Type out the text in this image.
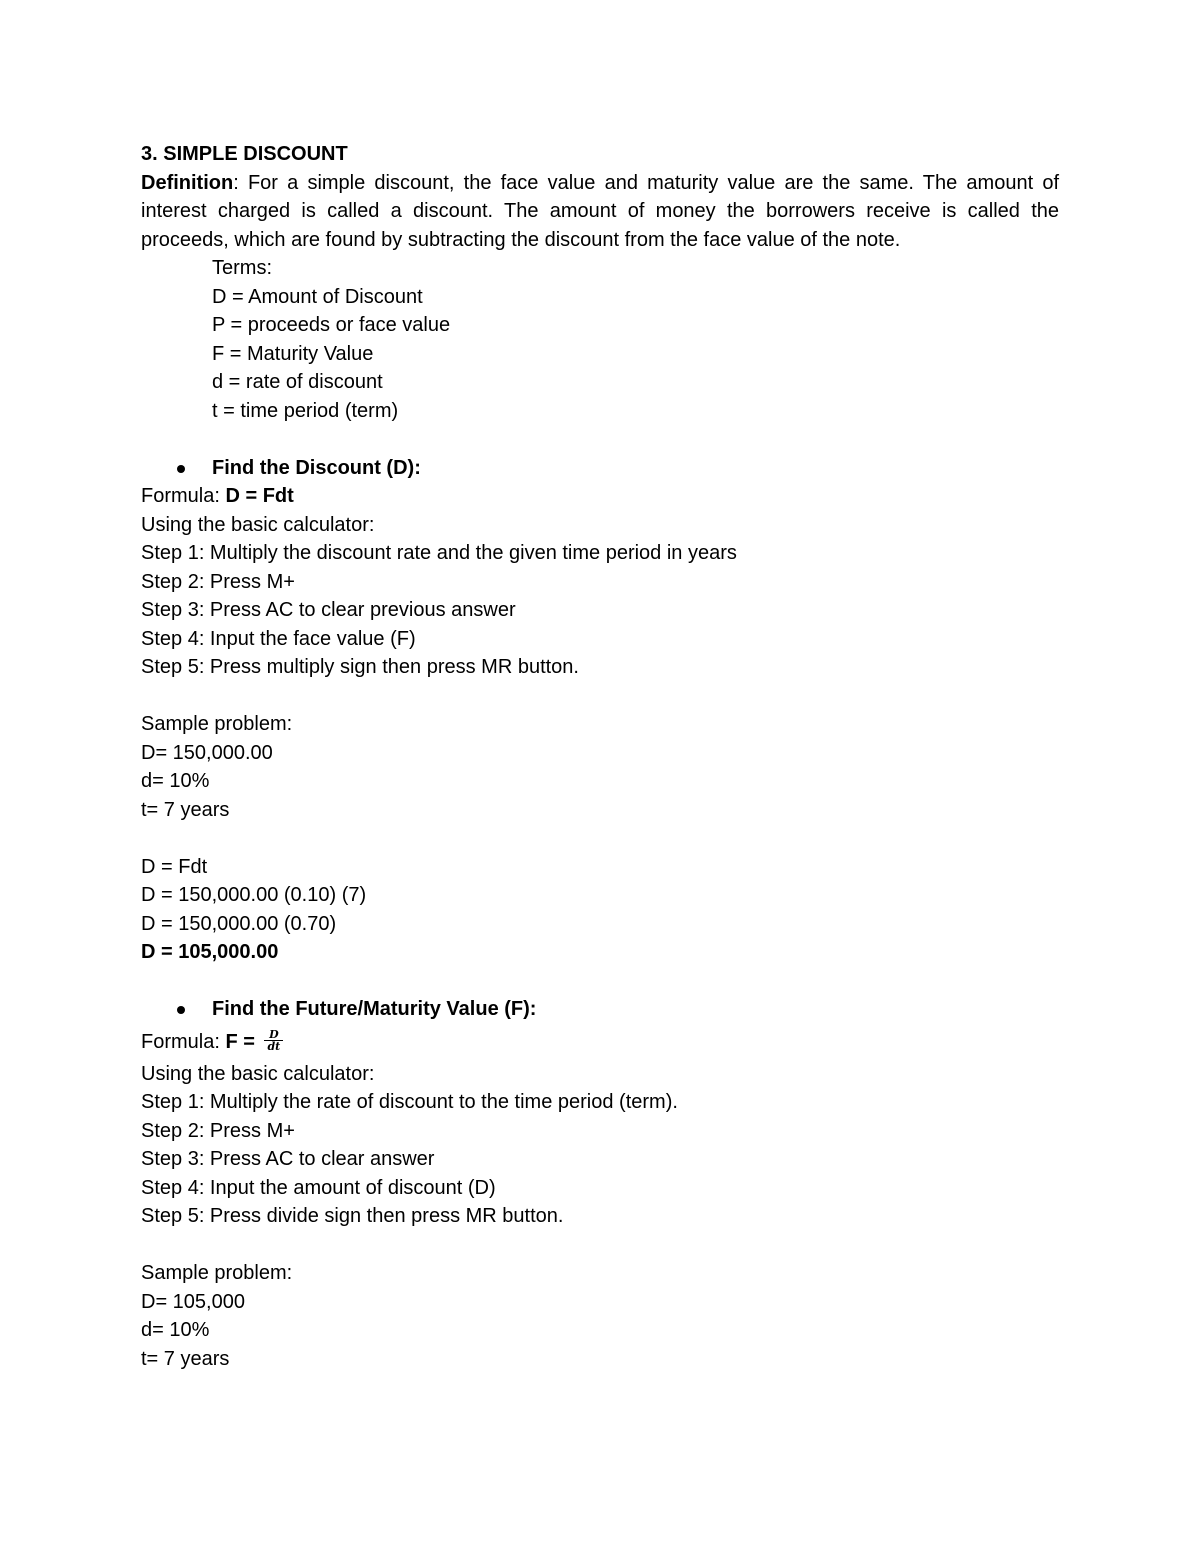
3. SIMPLE DISCOUNT
Definition: For a simple discount, the face value and maturity value are the same. The amount of interest charged is called a discount. The amount of money the borrowers receive is called the proceeds, which are found by subtracting the discount from the face value of the note.
Terms:
D = Amount of Discount
P = proceeds or face value
F = Maturity Value
d = rate of discount
t = time period (term)
Find the Discount (D):
Formula: D = Fdt
Using the basic calculator:
Step 1: Multiply the discount rate and the given time period in years
Step 2: Press M+
Step 3: Press AC to clear previous answer
Step 4: Input the face value (F)
Step 5: Press multiply sign then press MR button.
Sample problem:
D= 150,000.00
d= 10%
t= 7 years
D = Fdt
D = 150,000.00 (0.10) (7)
D = 150,000.00 (0.70)
D = 105,000.00
Find the Future/Maturity Value (F):
Formula: $F = \frac{D}{dt}$
Using the basic calculator:
Step 1: Multiply the rate of discount to the time period (term).
Step 2: Press M+
Step 3: Press AC to clear answer
Step 4: Input the amount of discount (D)
Step 5: Press divide sign then press MR button.
Sample problem:
D= 105,000
d= 10%
t= 7 years
